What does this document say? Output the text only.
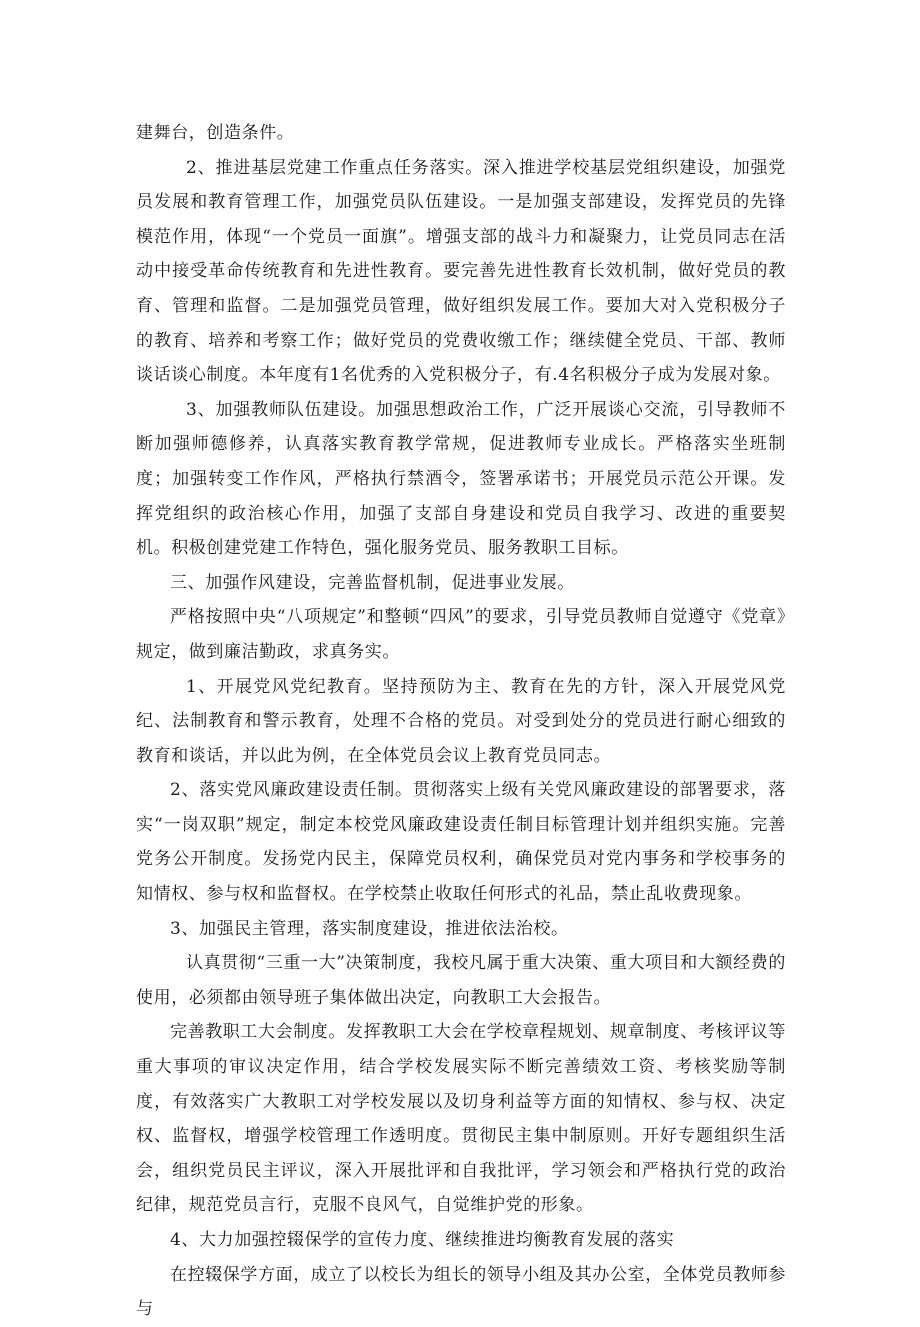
建舞台，创造条件。

2、推进基层党建工作重点任务落实。深入推进学校基层党组织建设，加强党员发展和教育管理工作，加强党员队伍建设。一是加强支部建设，发挥党员的先锋模范作用，体现“一个党员一面旗”。增强支部的战斗力和凝聚力，让党员同志在活动中接受革命传统教育和先进性教育。要完善先进性教育长效机制，做好党员的教育、管理和监督。二是加强党员管理，做好组织发展工作。要加大对入党积极分子的教育、培养和考察工作；做好党员的党费收缴工作；继续健全党员、干部、教师谈话谈心制度。本年度有1名优秀的入党积极分子，有.4名积极分子成为发展对象。

3、加强教师队伍建设。加强思想政治工作，广泛开展谈心交流，引导教师不断加强师德修养，认真落实教育教学常规，促进教师专业成长。严格落实坐班制度；加强转变工作作风，严格执行禁酒令，签署承诺书；开展党员示范公开课。发挥党组织的政治核心作用，加强了支部自身建设和党员自我学习、改进的重要契机。积极创建党建工作特色，强化服务党员、服务教职工目标。

三、加强作风建设，完善监督机制，促进事业发展。

严格按照中央“八项规定”和整顿“四风”的要求，引导党员教师自觉遵守《党章》规定，做到廉洁勤政，求真务实。

1、开展党风党纪教育。坚持预防为主、教育在先的方针，深入开展党风党纪、法制教育和警示教育，处理不合格的党员。对受到处分的党员进行耐心细致的教育和谈话，并以此为例，在全体党员会议上教育党员同志。

2、落实党风廉政建设责任制。贯彻落实上级有关党风廉政建设的部署要求，落实“一岗双职”规定，制定本校党风廉政建设责任制目标管理计划并组织实施。完善党务公开制度。发扬党内民主，保障党员权利，确保党员对党内事务和学校事务的知情权、参与权和监督权。在学校禁止收取任何形式的礼品，禁止乱收费现象。

3、加强民主管理，落实制度建设，推进依法治校。

认真贯彻“三重一大”决策制度，我校凡属于重大决策、重大项目和大额经费的使用，必须都由领导班子集体做出决定，向教职工大会报告。

完善教职工大会制度。发挥教职工大会在学校章程规划、规章制度、考核评议等重大事项的审议决定作用，结合学校发展实际不断完善绩效工资、考核奖励等制度，有效落实广大教职工对学校发展以及切身利益等方面的知情权、参与权、决定权、监督权，增强学校管理工作透明度。贯彻民主集中制原则。开好专题组织生活会，组织党员民主评议，深入开展批评和自我批评，学习领会和严格执行党的政治纪律，规范党员言行，克服不良风气，自觉维护党的形象。

4、大力加强控辍保学的宣传力度、继续推进均衡教育发展的落实

在控辍保学方面，成立了以校长为组长的领导小组及其办公室，全体党员教师参与
